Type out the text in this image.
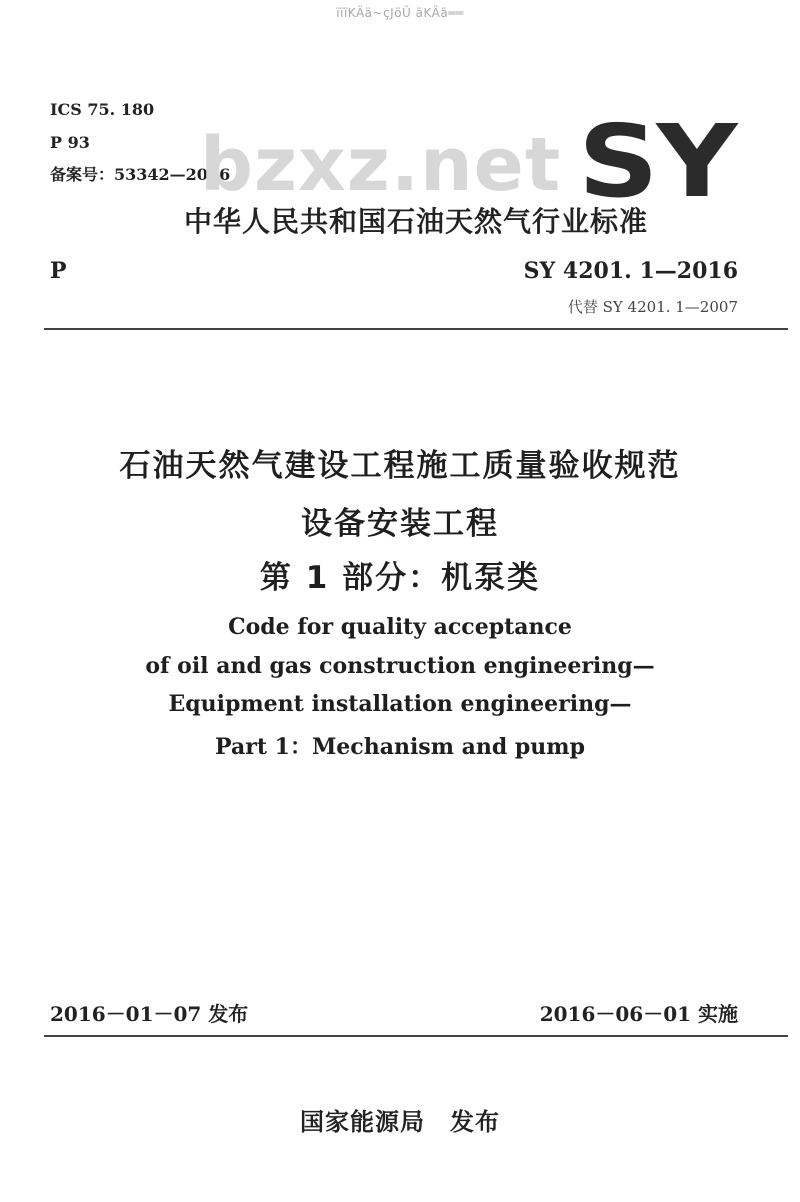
ïïïKÄä~çJöÜ äKÄä══
ICS 75. 180
P 93
备案号：53342—2016
bzxz.net SY
中华人民共和国石油天然气行业标准
P	SY 4201. 1—2016
代替 SY 4201. 1—2007
石油天然气建设工程施工质量验收规范
设备安装工程
第 1 部分：机泵类
Code for quality acceptance
of oil and gas construction engineering—
Equipment installation engineering—
Part 1：Mechanism and pump
2016－01－07 发布	2016－06－01 实施
国家能源局　发布
